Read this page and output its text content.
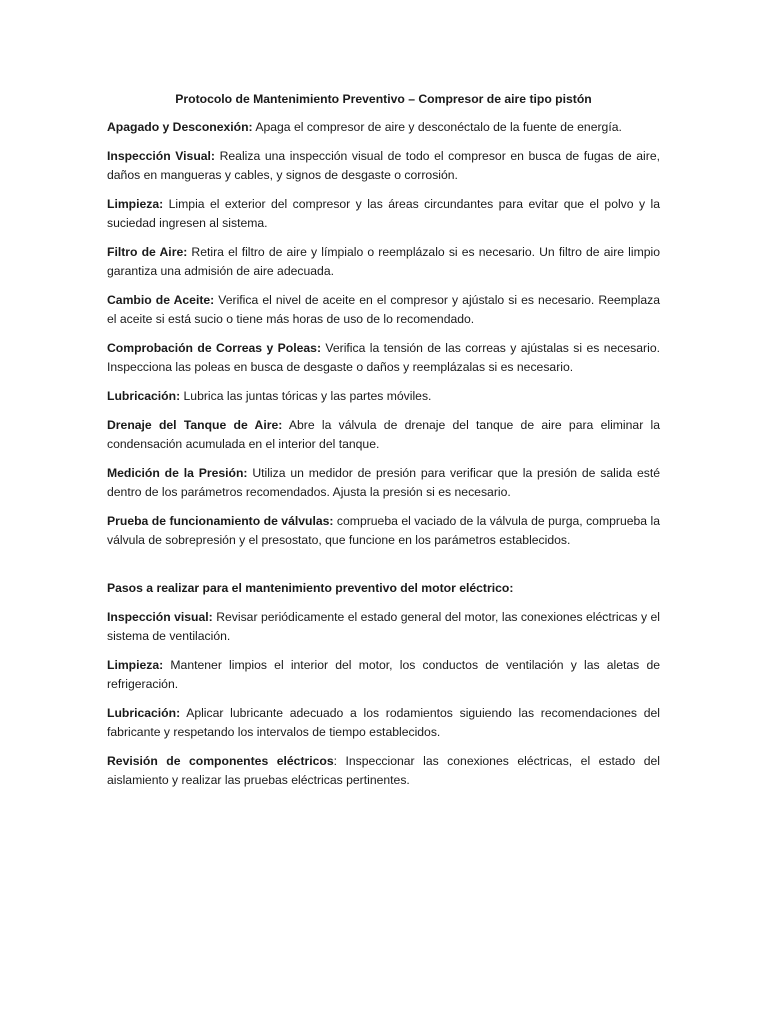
Protocolo de Mantenimiento Preventivo – Compresor de aire tipo pistón

Apagado y Desconexión: Apaga el compresor de aire y desconéctalo de la fuente de energía.

Inspección Visual: Realiza una inspección visual de todo el compresor en busca de fugas de aire, daños en mangueras y cables, y signos de desgaste o corrosión.

Limpieza: Limpia el exterior del compresor y las áreas circundantes para evitar que el polvo y la suciedad ingresen al sistema.

Filtro de Aire: Retira el filtro de aire y límpialo o reemplázalo si es necesario. Un filtro de aire limpio garantiza una admisión de aire adecuada.

Cambio de Aceite: Verifica el nivel de aceite en el compresor y ajústalo si es necesario. Reemplaza el aceite si está sucio o tiene más horas de uso de lo recomendado.

Comprobación de Correas y Poleas: Verifica la tensión de las correas y ajústalas si es necesario. Inspecciona las poleas en busca de desgaste o daños y reemplázalas si es necesario.

Lubricación: Lubrica las juntas tóricas y las partes móviles.

Drenaje del Tanque de Aire: Abre la válvula de drenaje del tanque de aire para eliminar la condensación acumulada en el interior del tanque.

Medición de la Presión: Utiliza un medidor de presión para verificar que la presión de salida esté dentro de los parámetros recomendados. Ajusta la presión si es necesario.

Prueba de funcionamiento de válvulas: comprueba el vaciado de la válvula de purga, comprueba la válvula de sobrepresión y el presostato, que funcione en los parámetros establecidos.

Pasos a realizar para el mantenimiento preventivo del motor eléctrico:

Inspección visual: Revisar periódicamente el estado general del motor, las conexiones eléctricas y el sistema de ventilación.

Limpieza: Mantener limpios el interior del motor, los conductos de ventilación y las aletas de refrigeración.

Lubricación: Aplicar lubricante adecuado a los rodamientos siguiendo las recomendaciones del fabricante y respetando los intervalos de tiempo establecidos.

Revisión de componentes eléctricos: Inspeccionar las conexiones eléctricas, el estado del aislamiento y realizar las pruebas eléctricas pertinentes.
